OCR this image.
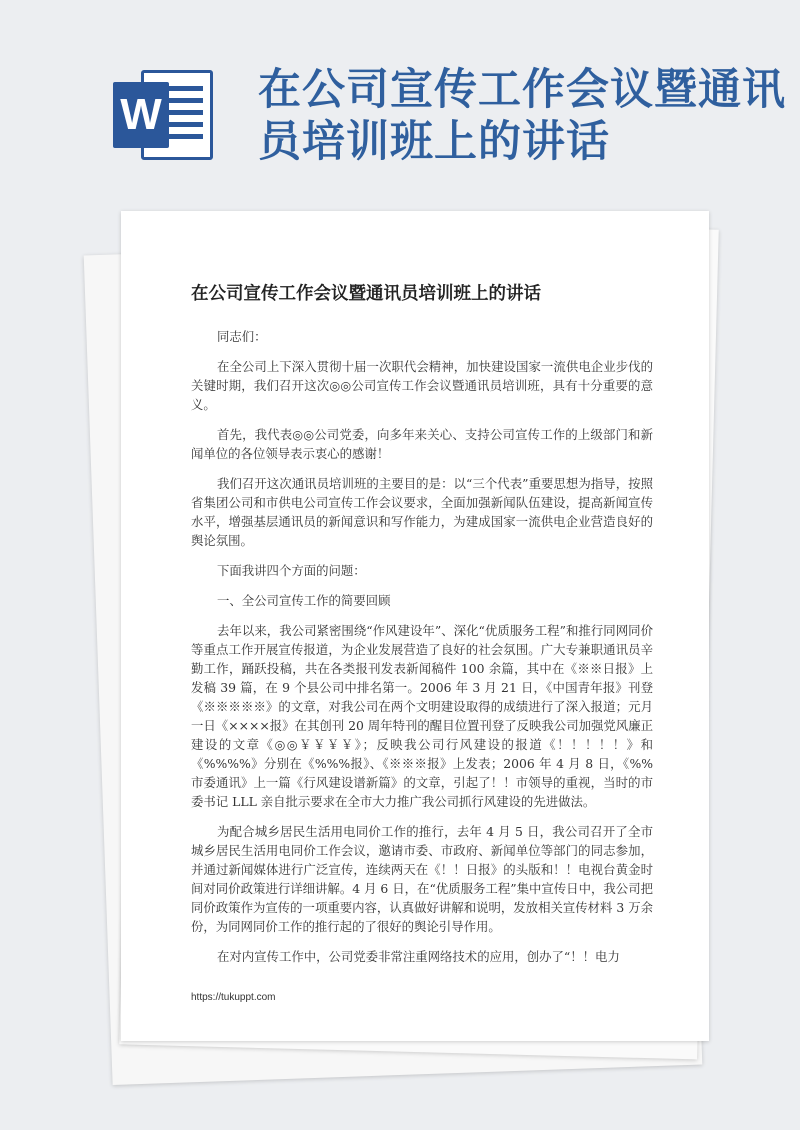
W 在公司宣传工作会议暨通讯员培训班上的讲话
在公司宣传工作会议暨通讯员培训班上的讲话

同志们：

在全公司上下深入贯彻十届一次职代会精神，加快建设国家一流供电企业步伐的关键时期，我们召开这次◎◎公司宣传工作会议暨通讯员培训班，具有十分重要的意义。

首先，我代表◎◎公司党委，向多年来关心、支持公司宣传工作的上级部门和新闻单位的各位领导表示衷心的感谢！

我们召开这次通讯员培训班的主要目的是：以“三个代表”重要思想为指导，按照省集团公司和市供电公司宣传工作会议要求，全面加强新闻队伍建设，提高新闻宣传水平，增强基层通讯员的新闻意识和写作能力，为建成国家一流供电企业营造良好的舆论氛围。

下面我讲四个方面的问题：

一、全公司宣传工作的简要回顾

去年以来，我公司紧密围绕“作风建设年”、深化“优质服务工程”和推行同网同价等重点工作开展宣传报道，为企业发展营造了良好的社会氛围。广大专兼职通讯员辛勤工作，踊跃投稿，共在各类报刊发表新闻稿件 100 余篇，其中在《※※日报》上发稿 39 篇，在 9 个县公司中排名第一。2006 年 3 月 21 日，《中国青年报》刊登《※※※※※》的文章，对我公司在两个文明建设取得的成绩进行了深入报道；元月一日《××××报》在其创刊 20 周年特刊的醒目位置刊登了反映我公司加强党风廉正建设的文章《◎◎￥￥￥￥》；反映我公司行风建设的报道《！！！！！》和《%%%%》分别在《%%%报》、《※※※报》上发表；2006 年 4 月 8 日，《%%市委通讯》上一篇《行风建设谱新篇》的文章，引起了！！市领导的重视，当时的市委书记 LLL 亲自批示要求在全市大力推广我公司抓行风建设的先进做法。

为配合城乡居民生活用电同价工作的推行，去年 4 月 5 日，我公司召开了全市城乡居民生活用电同价工作会议，邀请市委、市政府、新闻单位等部门的同志参加，并通过新闻媒体进行广泛宣传，连续两天在《！！日报》的头版和！！电视台黄金时间对同价政策进行详细讲解。4 月 6 日，在“优质服务工程”集中宣传日中，我公司把同价政策作为宣传的一项重要内容，认真做好讲解和说明，发放相关宣传材料 3 万余份，为同网同价工作的推行起的了很好的舆论引导作用。

在对内宣传工作中，公司党委非常注重网络技术的应用，创办了“！！电力

https://tukuppt.com
